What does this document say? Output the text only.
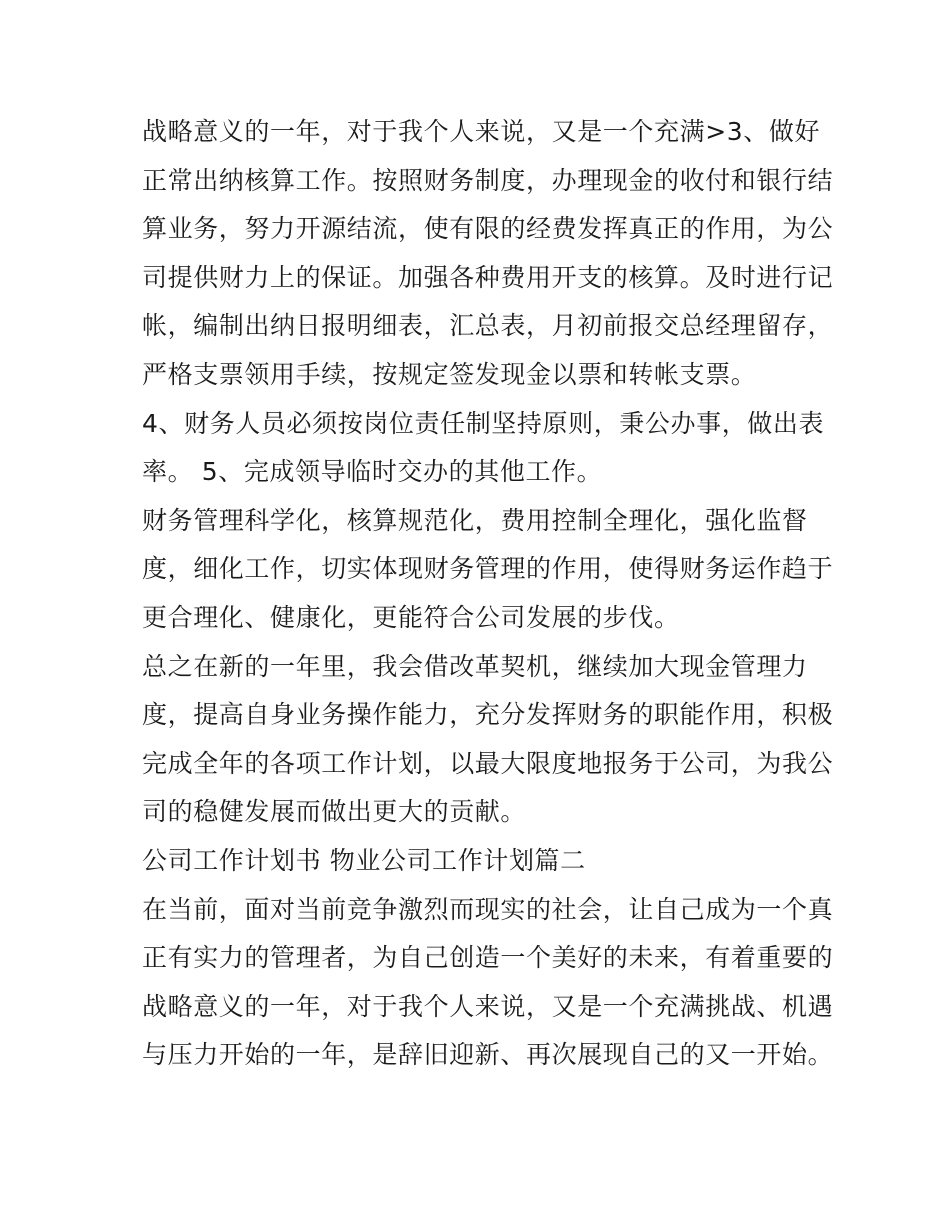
战略意义的一年，对于我个人来说，又是一个充满>3、做好
正常出纳核算工作。按照财务制度，办理现金的收付和银行结
算业务，努力开源结流，使有限的经费发挥真正的作用，为公
司提供财力上的保证。加强各种费用开支的核算。及时进行记
帐，编制出纳日报明细表，汇总表，月初前报交总经理留存，
严格支票领用手续，按规定签发现金以票和转帐支票。
4、财务人员必须按岗位责任制坚持原则，秉公办事，做出表
率。 5、完成领导临时交办的其他工作。
财务管理科学化，核算规范化，费用控制全理化，强化监督
度，细化工作，切实体现财务管理的作用，使得财务运作趋于
更合理化、健康化，更能符合公司发展的步伐。
总之在新的一年里，我会借改革契机，继续加大现金管理力
度，提高自身业务操作能力，充分发挥财务的职能作用，积极
完成全年的各项工作计划，以最大限度地报务于公司，为我公
司的稳健发展而做出更大的贡献。
公司工作计划书 物业公司工作计划篇二
在当前，面对当前竞争激烈而现实的社会，让自己成为一个真
正有实力的管理者，为自己创造一个美好的未来，有着重要的
战略意义的一年，对于我个人来说，又是一个充满挑战、机遇
与压力开始的一年，是辞旧迎新、再次展现自己的又一开始。
